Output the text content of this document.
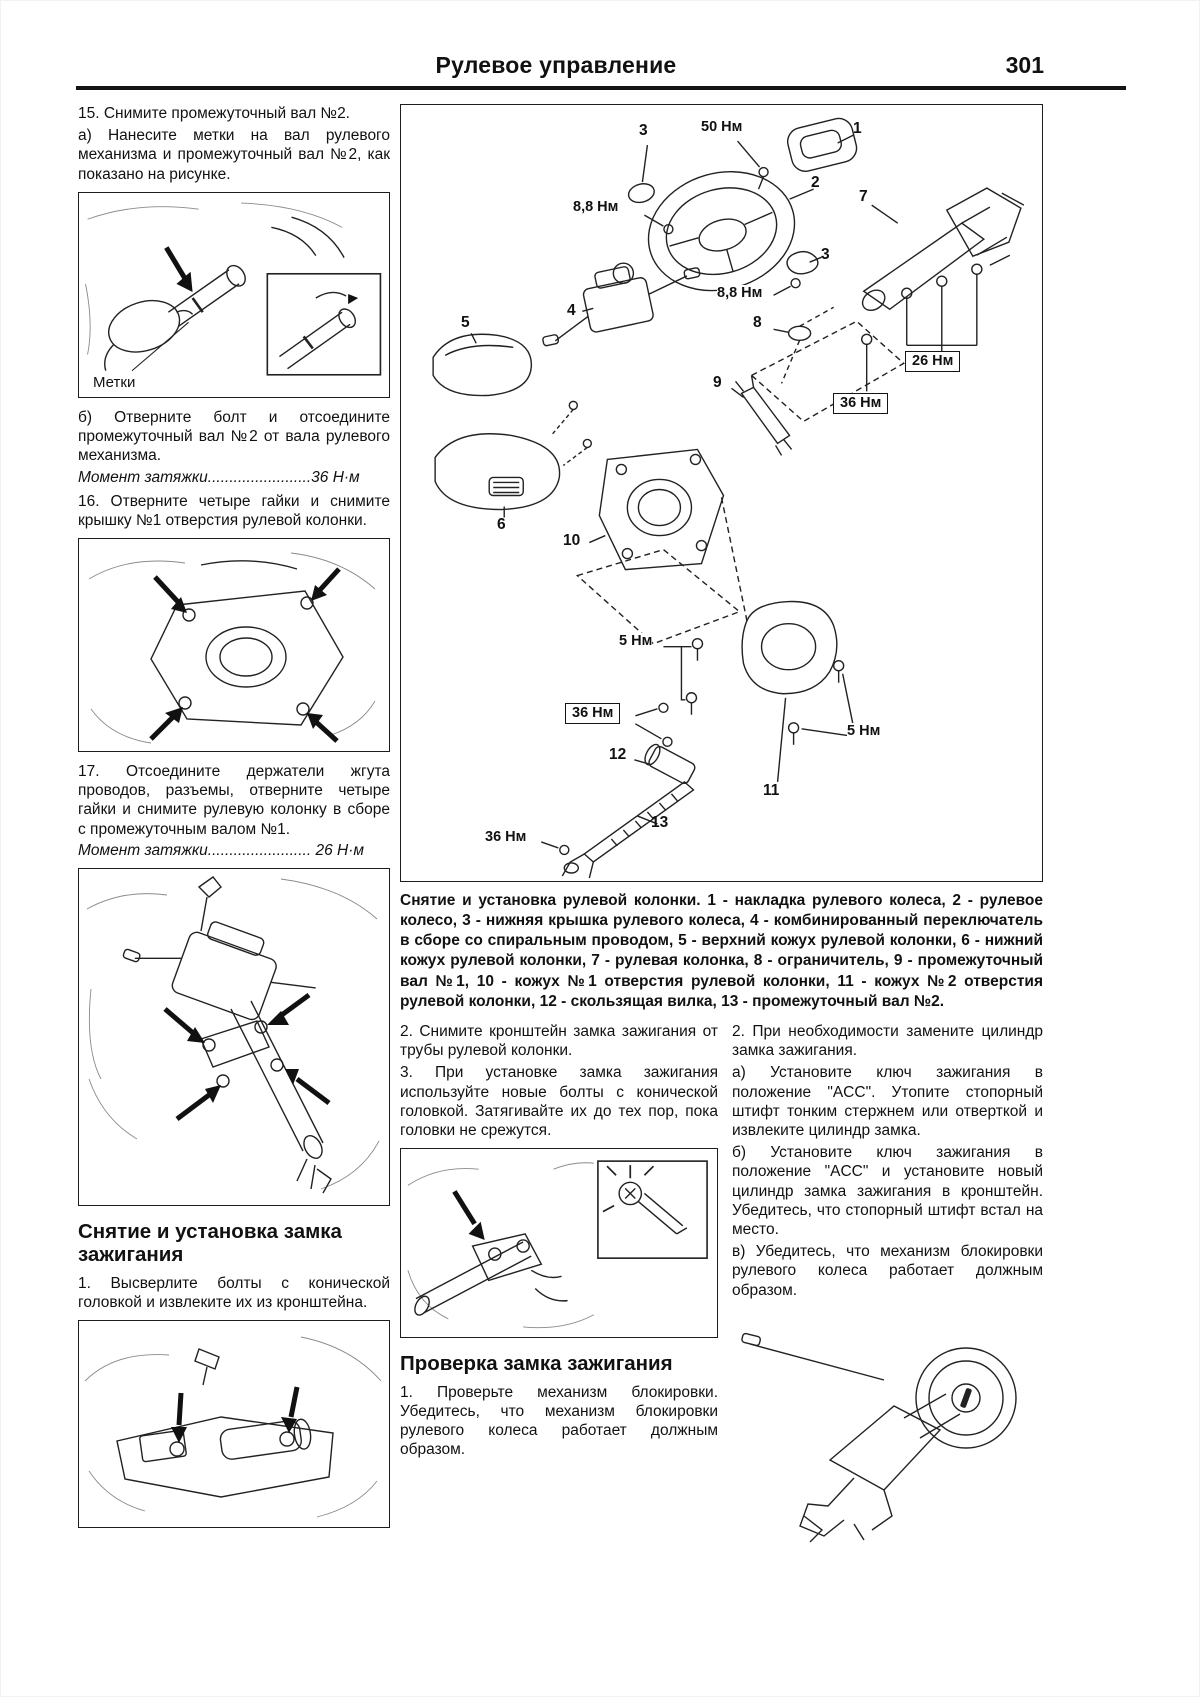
Рулевое управление	301

15. Снимите промежуточный вал №2.

а) Нанесите метки на вал рулевого механизма и промежуточный вал №2, как показано на рисунке.

Метки

б) Отверните болт и отсоедините промежуточный вал №2 от вала рулевого механизма.

Момент затяжки........................36 Н·м

16. Отверните четыре гайки и снимите крышку №1 отверстия рулевой колонки.

17. Отсоедините держатели жгута проводов, разъемы, отверните четыре гайки и снимите рулевую колонку в сборе с промежуточным валом №1.

Момент затяжки........................ 26 Н·м

Снятие и установка замка зажигания

1. Высверлите болты с конической головкой и извлеките их из кронштейна.

3	1
2
7
3
8
4
5
9
6
10
12
11
13
50 Нм
8,8 Нм
8,8 Нм
26 Нм
36 Нм
5 Нм
36 Нм
5 Нм
36 Нм

Снятие и установка рулевой колонки. 1 - накладка рулевого колеса, 2 - рулевое колесо, 3 - нижняя крышка рулевого колеса, 4 - комбинированный переключатель в сборе со спиральным проводом, 5 - верхний кожух рулевой колонки, 6 - нижний кожух рулевой колонки, 7 - рулевая колонка, 8 - ограничитель, 9 - промежуточный вал №1, 10 - кожух №1 отверстия рулевой колонки, 11 - кожух №2 отверстия рулевой колонки, 12 - скользящая вилка, 13 - промежуточный вал №2.

2. Снимите кронштейн замка зажигания от трубы рулевой колонки.

3. При установке замка зажигания используйте новые болты с конической головкой. Затягивайте их до тех пор, пока головки не срежутся.

Проверка замка зажигания

1. Проверьте механизм блокировки. Убедитесь, что механизм блокировки рулевого колеса работает должным образом.

2. При необходимости замените цилиндр замка зажигания.

а) Установите ключ зажигания в положение "ACC". Утопите стопорный штифт тонким стержнем или отверткой и извлеките цилиндр замка.

б) Установите ключ зажигания в положение "ACC" и установите новый цилиндр замка зажигания в кронштейн. Убедитесь, что стопорный штифт встал на место.

в) Убедитесь, что механизм блокировки рулевого колеса работает должным образом.
